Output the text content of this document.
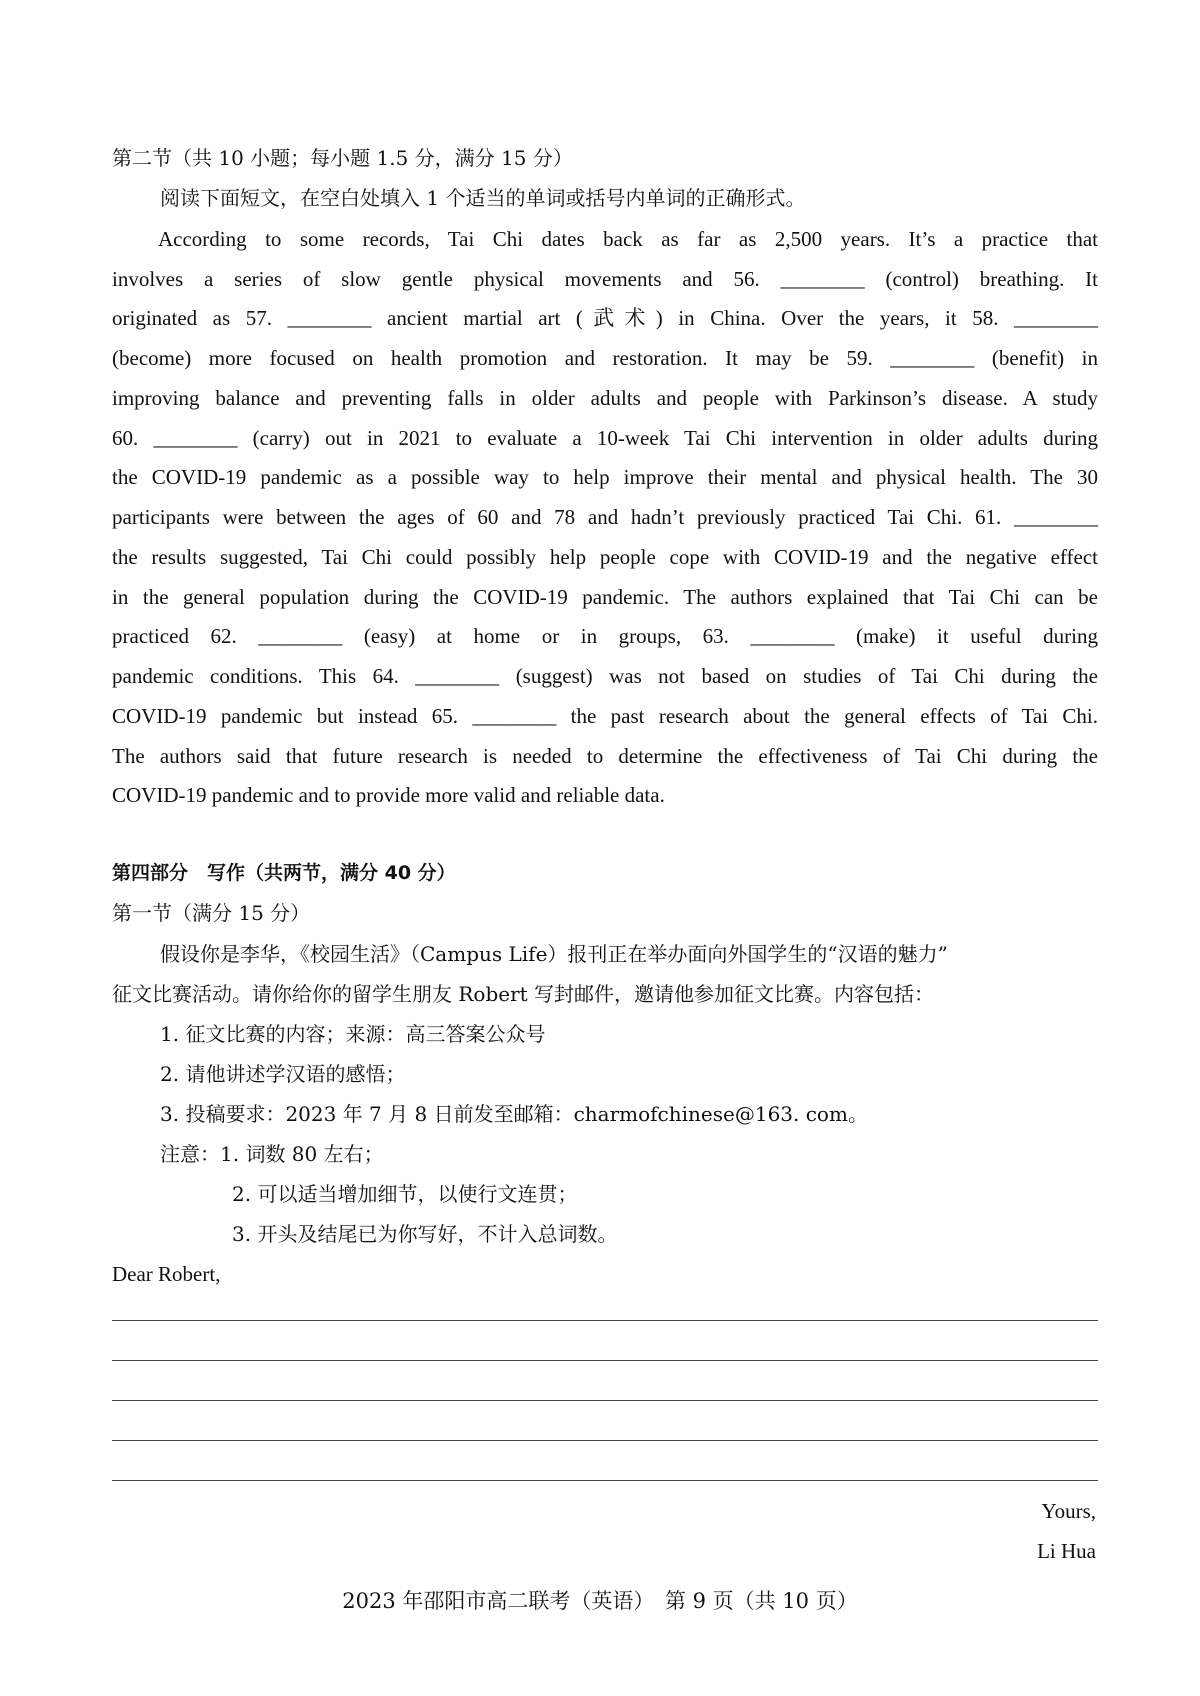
第二节（共 10 小题；每小题 1.5 分，满分 15 分）
阅读下面短文，在空白处填入 1 个适当的单词或括号内单词的正确形式。
According to some records, Tai Chi dates back as far as 2,500 years. It’s a practice that
involves a series of slow gentle physical movements and 56. ________ (control) breathing. It
originated as 57. ________ ancient martial art (武术) in China. Over the years, it 58. ________
(become) more focused on health promotion and restoration. It may be 59. ________ (benefit) in
improving balance and preventing falls in older adults and people with Parkinson’s disease. A study
60. ________ (carry) out in 2021 to evaluate a 10-week Tai Chi intervention in older adults during
the COVID-19 pandemic as a possible way to help improve their mental and physical health. The 30
participants were between the ages of 60 and 78 and hadn’t previously practiced Tai Chi. 61. ________
the results suggested, Tai Chi could possibly help people cope with COVID-19 and the negative effect
in the general population during the COVID-19 pandemic. The authors explained that Tai Chi can be
practiced 62. ________ (easy) at home or in groups, 63. ________ (make) it useful during
pandemic conditions. This 64. ________ (suggest) was not based on studies of Tai Chi during the
COVID-19 pandemic but instead 65. ________ the past research about the general effects of Tai Chi.
The authors said that future research is needed to determine the effectiveness of Tai Chi during the
COVID-19 pandemic and to provide more valid and reliable data.
第四部分　写作（共两节，满分 40 分）
第一节（满分 15 分）
假设你是李华，《校园生活》（Campus Life）报刊正在举办面向外国学生的“汉语的魅力”
征文比赛活动。请你给你的留学生朋友 Robert 写封邮件，邀请他参加征文比赛。内容包括：
1. 征文比赛的内容；来源：高三答案公众号
2. 请他讲述学汉语的感悟；
3. 投稿要求：2023 年 7 月 8 日前发至邮箱：charmofchinese@163. com。
注意：1. 词数 80 左右；
2. 可以适当增加细节，以使行文连贯；
3. 开头及结尾已为你写好，不计入总词数。
Dear Robert,
Yours,
Li Hua
2023 年邵阳市高二联考（英语）　第 9 页（共 10 页）
